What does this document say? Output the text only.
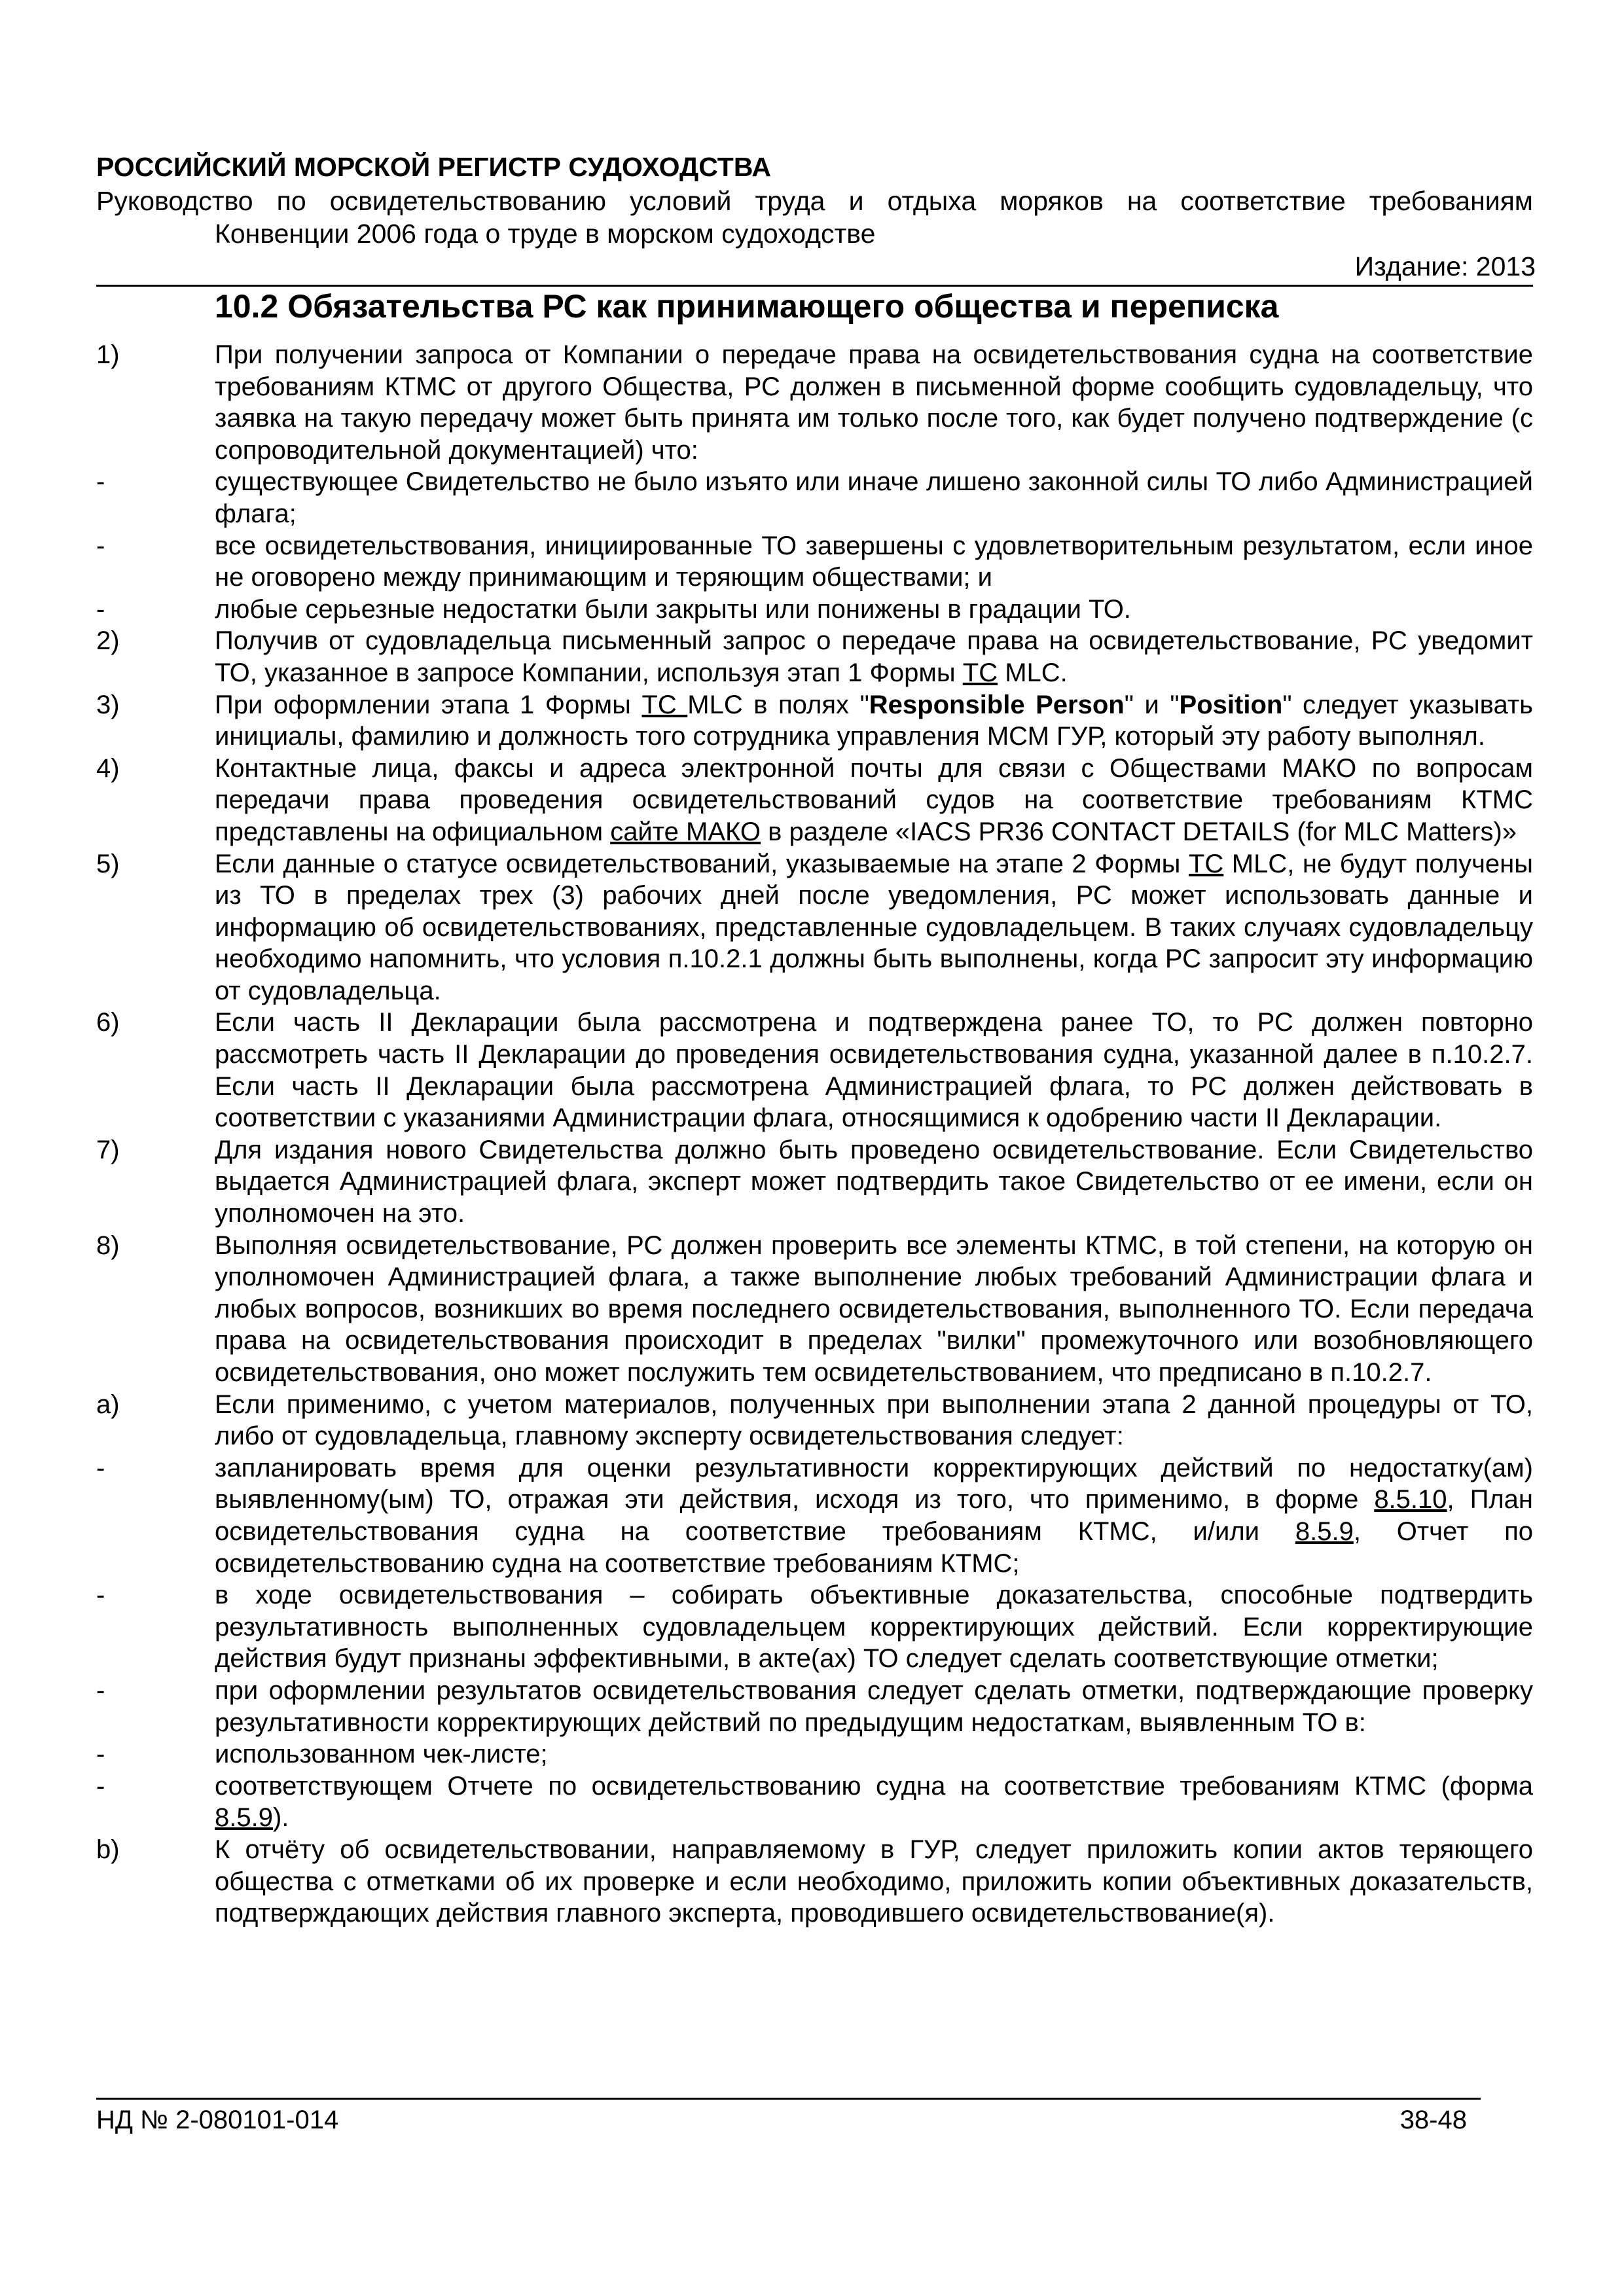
РОССИЙСКИЙ МОРСКОЙ РЕГИСТР СУДОХОДСТВА
Руководство по освидетельствованию условий труда и отдыха моряков на соответствие требованиям
Конвенции 2006 года о труде в морском судоходстве
Издание: 2013
10.2 Обязательства РС как принимающего общества и переписка
1)	При получении запроса от Компании о передаче права на освидетельствования судна на соответствие требованиям КТМС от другого Общества, РС должен в письменной форме сообщить судовладельцу, что заявка на такую передачу может быть принята им только после того, как будет получено подтверждение (с сопроводительной документацией) что:
-	существующее Свидетельство не было изъято или иначе лишено законной силы ТО либо Администрацией флага;
-	все освидетельствования, инициированные ТО завершены с удовлетворительным результатом, если иное не оговорено между принимающим и теряющим обществами; и
-	любые серьезные недостатки были закрыты или понижены в градации ТО.
2)	Получив от судовладельца письменный запрос о передаче права на освидетельствование, РС уведомит ТО, указанное в запросе Компании, используя этап 1 Формы TC MLC.
3)	При оформлении этапа 1 Формы TC MLC в полях "Responsible Person" и "Position" следует указывать инициалы, фамилию и должность того сотрудника управления МСМ ГУР, который эту работу выполнял.
4)	Контактные лица, факсы и адреса электронной почты для связи с Обществами МАКО по вопросам передачи права проведения освидетельствований судов на соответствие требованиям КТМС представлены на официальном сайте МАКО в разделе «IACS PR36 CONTACT DETAILS (for MLC Matters)»
5)	Если данные о статусе освидетельствований, указываемые на этапе 2 Формы TC MLC, не будут получены из ТО в пределах трех (3) рабочих дней после уведомления, РС может использовать данные и информацию об освидетельствованиях, представленные судовладельцем. В таких случаях судовладельцу необходимо напомнить, что условия п.10.2.1 должны быть выполнены, когда РС запросит эту информацию от судовладельца.
6)	Если часть II Декларации была рассмотрена и подтверждена ранее ТО, то РС должен повторно рассмотреть часть II Декларации до проведения освидетельствования судна, указанной далее в п.10.2.7. Если часть II Декларации была рассмотрена Администрацией флага, то РС должен действовать в соответствии с указаниями Администрации флага, относящимися к одобрению части II Декларации.
7)	Для издания нового Свидетельства должно быть проведено освидетельствование. Если Свидетельство выдается Администрацией флага, эксперт может подтвердить такое Свидетельство от ее имени, если он уполномочен на это.
8)	Выполняя освидетельствование, РС должен проверить все элементы КТМС, в той степени, на которую он уполномочен Администрацией флага, а также выполнение любых требований Администрации флага и любых вопросов, возникших во время последнего освидетельствования, выполненного ТО. Если передача права на освидетельствования происходит в пределах "вилки" промежуточного или возобновляющего освидетельствования, оно может послужить тем освидетельствованием, что предписано в п.10.2.7.
a)	Если применимо, с учетом материалов, полученных при выполнении этапа 2 данной процедуры от ТО, либо от судовладельца, главному эксперту освидетельствования следует:
-	запланировать время для оценки результативности корректирующих действий по недостатку(ам) выявленному(ым) ТО, отражая эти действия, исходя из того, что применимо, в форме 8.5.10, План освидетельствования судна на соответствие требованиям КТМС, и/или 8.5.9, Отчет по освидетельствованию судна на соответствие требованиям КТМС;
-	в ходе освидетельствования – собирать объективные доказательства, способные подтвердить результативность выполненных судовладельцем корректирующих действий. Если корректирующие действия будут признаны эффективными, в акте(ах) ТО следует сделать соответствующие отметки;
-	при оформлении результатов освидетельствования следует сделать отметки, подтверждающие проверку результативности корректирующих действий по предыдущим недостаткам, выявленным ТО в:
-	использованном чек-листе;
-	соответствующем Отчете по освидетельствованию судна на соответствие требованиям КТМС (форма 8.5.9).
b)	К отчёту об освидетельствовании, направляемому в ГУР, следует приложить копии актов теряющего общества с отметками об их проверке и если необходимо, приложить копии объективных доказательств, подтверждающих действия главного эксперта, проводившего освидетельствование(я).
НД № 2-080101-014	38-48
